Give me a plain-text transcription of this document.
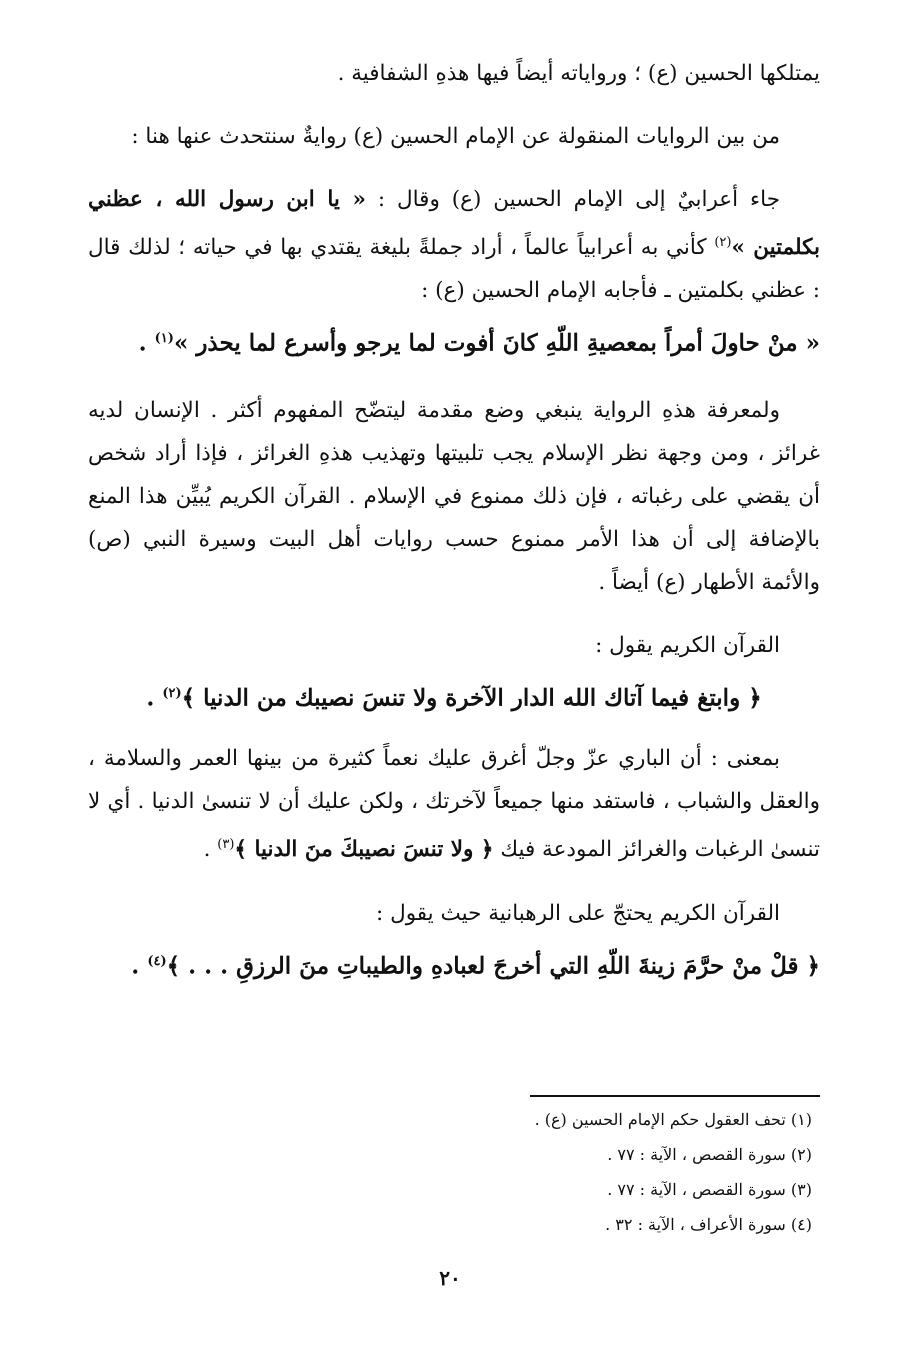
يمتلكها الحسين (ع) ؛ ورواياته أيضاً فيها هذهِ الشفافية .

من بين الروايات المنقولة عن الإمام الحسين (ع) روايةٌ سنتحدث عنها هنا :

جاء أعرابيٌ إلى الإمام الحسين (ع) وقال : « يا ابن رسول الله ، عظني بكلمتين »$^{(٢)}$ كأني به أعرابياً عالماً ، أراد جملةً بليغة يقتدي بها في حياته ؛ لذلك قال : عظني بكلمتين ـ فأجابه الإمام الحسين (ع) :

« منْ حاولَ أمراً بمعصيةِ اللّهِ كانَ أفوت لما يرجو وأسرع لما يحذر »$^{(١)}$ .

ولمعرفة هذهِ الرواية ينبغي وضع مقدمة ليتضّح المفهوم أكثر . الإنسان لديه غرائز ، ومن وجهة نظر الإسلام يجب تلبيتها وتهذيب هذهِ الغرائز ، فإذا أراد شخص أن يقضي على رغباته ، فإن ذلك ممنوع في الإسلام . القرآن الكريم يُبيِّن هذا المنع بالإضافة إلى أن هذا الأمر ممنوع حسب روايات أهل البيت وسيرة النبي (ص) والأئمة الأطهار (ع) أيضاً .

القرآن الكريم يقول :

﴿ وابتغ فيما آتاك الله الدار الآخرة ولا تنسَ نصيبك من الدنيا ﴾$^{(٢)}$ .

بمعنى : أن الباري عزّ وجلّ أغرق عليك نعماً كثيرة من بينها العمر والسلامة ، والعقل والشباب ، فاستفد منها جميعاً لآخرتك ، ولكن عليك أن لا تنسىٰ الدنيا . أي لا تنسىٰ الرغبات والغرائز المودعة فيك ﴿ ولا تنسَ نصيبكَ منَ الدنيا ﴾$^{(٣)}$ .

القرآن الكريم يحتجّ على الرهبانية حيث يقول :

﴿ قلْ منْ حرَّمَ زينةَ اللّهِ التي أخرجَ لعبادهِ والطيباتِ منَ الرزقِ . . . ﴾$^{(٤)}$ .

(١) تحف العقول حكم الإمام الحسين (ع) .

(٢) سورة القصص ، الآية : ٧٧ .

(٣) سورة القصص ، الآية : ٧٧ .

(٤) سورة الأعراف ، الآية : ٣٢ .

٢٠
